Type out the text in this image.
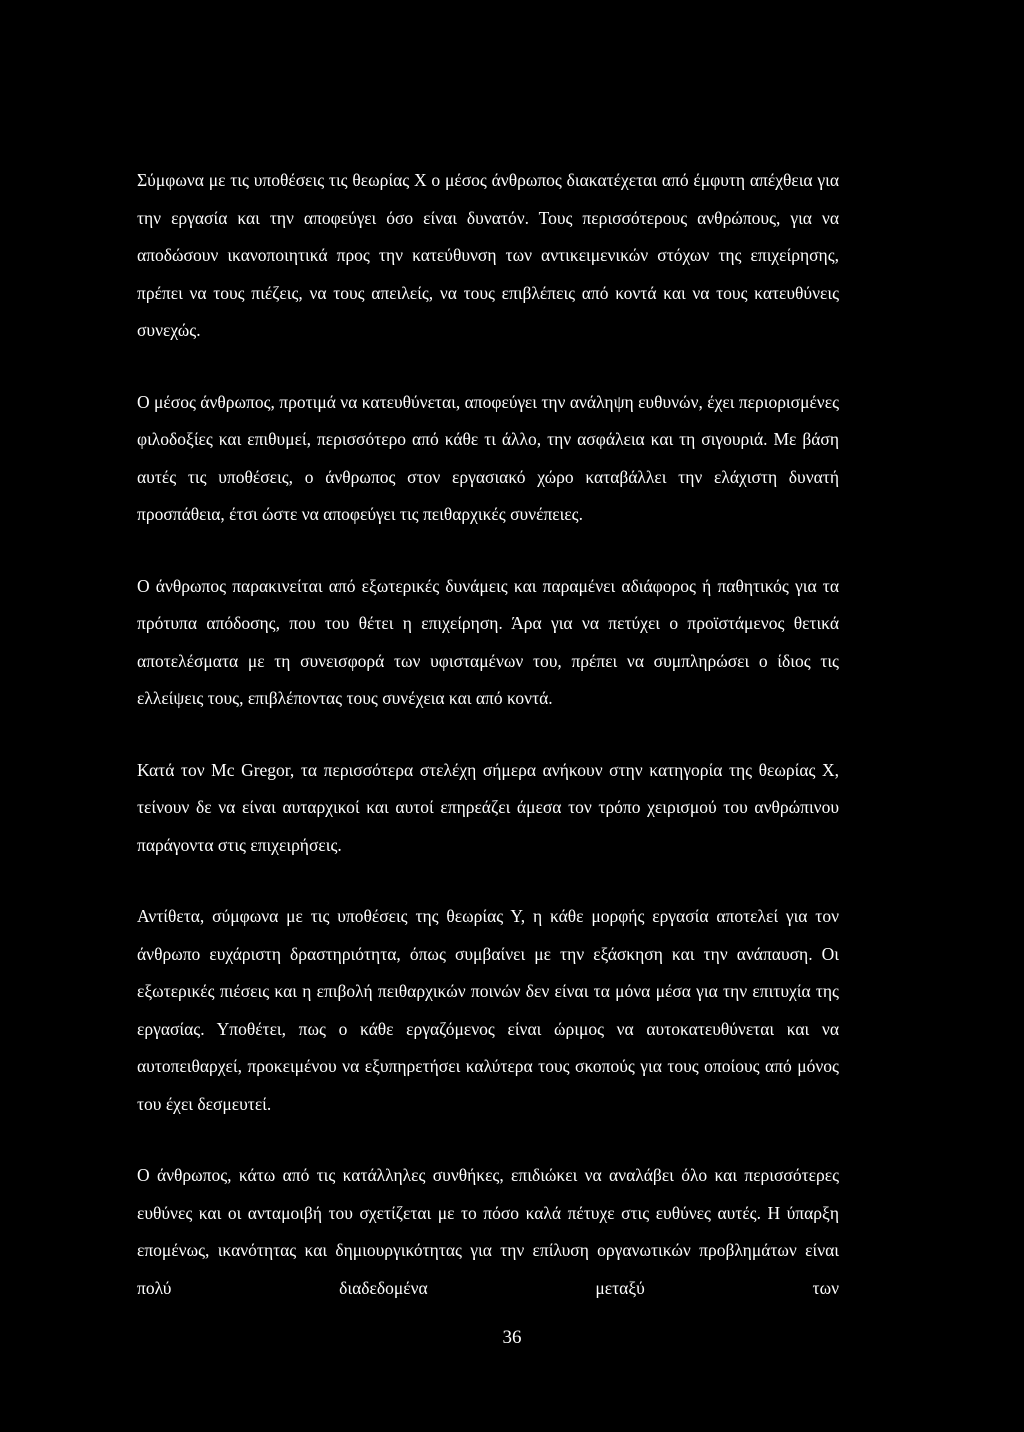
Σύμφωνα με τις υποθέσεις τις θεωρίας Χ ο μέσος άνθρωπος διακατέχεται από έμφυτη απέχθεια για την εργασία και την αποφεύγει όσο είναι δυνατόν. Τους περισσότερους ανθρώπους, για να αποδώσουν ικανοποιητικά προς την κατεύθυνση των αντικειμενικών στόχων της επιχείρησης, πρέπει να τους πιέζεις, να τους απειλείς, να τους επιβλέπεις από κοντά και να τους κατευθύνεις συνεχώς.

Ο μέσος άνθρωπος, προτιμά να κατευθύνεται, αποφεύγει την ανάληψη ευθυνών, έχει περιορισμένες φιλοδοξίες και επιθυμεί, περισσότερο από κάθε τι άλλο, την ασφάλεια και τη σιγουριά. Με βάση αυτές τις υποθέσεις, ο άνθρωπος στον εργασιακό χώρο καταβάλλει την ελάχιστη δυνατή προσπάθεια, έτσι ώστε να αποφεύγει τις πειθαρχικές συνέπειες.

Ο άνθρωπος παρακινείται από εξωτερικές δυνάμεις και παραμένει αδιάφορος ή παθητικός για τα πρότυπα απόδοσης, που του θέτει η επιχείρηση. Άρα για να πετύχει ο προϊστάμενος θετικά αποτελέσματα με τη συνεισφορά των υφισταμένων του, πρέπει να συμπληρώσει ο ίδιος τις ελλείψεις τους, επιβλέποντας τους συνέχεια και από κοντά.

Κατά τον Mc Gregor, τα περισσότερα στελέχη σήμερα ανήκουν στην κατηγορία της θεωρίας Χ, τείνουν δε να είναι αυταρχικοί και αυτοί επηρεάζει άμεσα τον τρόπο χειρισμού του ανθρώπινου παράγοντα στις επιχειρήσεις.

Αντίθετα, σύμφωνα με τις υποθέσεις της θεωρίας Υ, η κάθε μορφής εργασία αποτελεί για τον άνθρωπο ευχάριστη δραστηριότητα, όπως συμβαίνει με την εξάσκηση και την ανάπαυση. Οι εξωτερικές πιέσεις και η επιβολή πειθαρχικών ποινών δεν είναι τα μόνα μέσα για την επιτυχία της εργασίας. Υποθέτει, πως ο κάθε εργαζόμενος είναι ώριμος να αυτοκατευθύνεται και να αυτοπειθαρχεί, προκειμένου να εξυπηρετήσει καλύτερα τους σκοπούς για τους οποίους από μόνος του έχει δεσμευτεί.

Ο άνθρωπος, κάτω από τις κατάλληλες συνθήκες, επιδιώκει να αναλάβει όλο και περισσότερες ευθύνες και οι ανταμοιβή του σχετίζεται με το πόσο καλά πέτυχε στις ευθύνες αυτές. Η ύπαρξη επομένως, ικανότητας και δημιουργικότητας για την επίλυση οργανωτικών προβλημάτων είναι πολύ διαδεδομένα μεταξύ των

36
